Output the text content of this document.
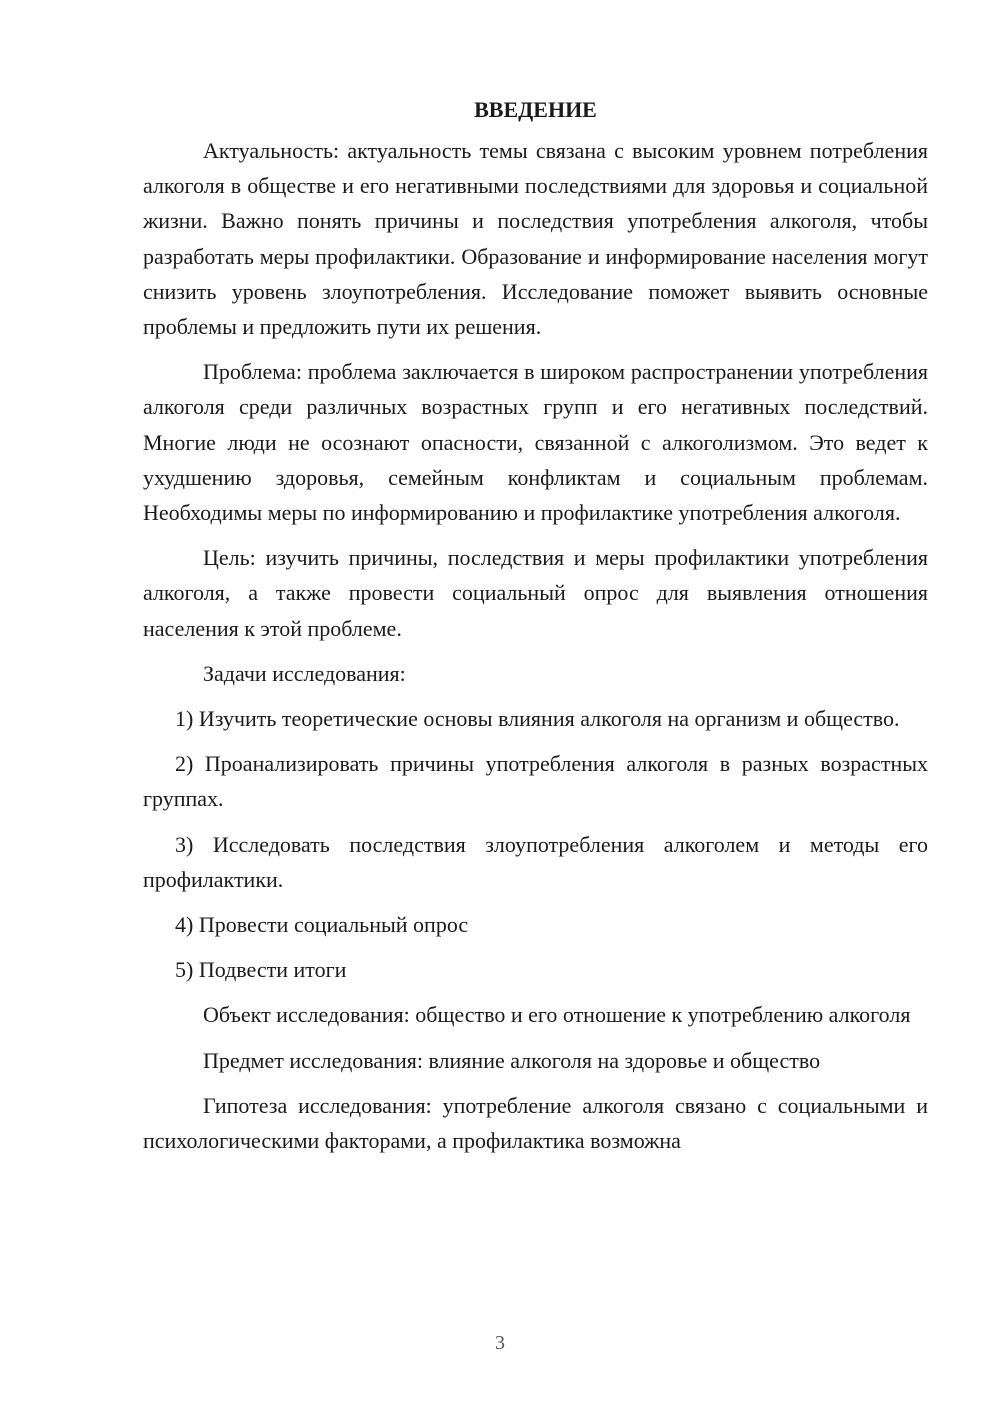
ВВЕДЕНИЕ

Актуальность: актуальность темы связана с высоким уровнем потребления алкоголя в обществе и его негативными последствиями для здоровья и социальной жизни. Важно понять причины и последствия употребления алкоголя, чтобы разработать меры профилактики. Образование и информирование населения могут снизить уровень злоупотребления. Исследование поможет выявить основные проблемы и предложить пути их решения.

Проблема: проблема заключается в широком распространении употребления алкоголя среди различных возрастных групп и его негативных последствий. Многие люди не осознают опасности, связанной с алкоголизмом. Это ведет к ухудшению здоровья, семейным конфликтам и социальным проблемам. Необходимы меры по информированию и профилактике употребления алкоголя.

Цель: изучить причины, последствия и меры профилактики употребления алкоголя, а также провести социальный опрос для выявления отношения населения к этой проблеме.

Задачи исследования:

1) Изучить теоретические основы влияния алкоголя на организм и общество.

2) Проанализировать причины употребления алкоголя в разных возрастных группах.

3) Исследовать последствия злоупотребления алкоголем и методы его профилактики.

4) Провести социальный опрос

5) Подвести итоги

Объект исследования: общество и его отношение к употреблению алкоголя

Предмет исследования: влияние алкоголя на здоровье и общество

Гипотеза исследования: употребление алкоголя связано с социальными и психологическими факторами, а профилактика возможна

3
